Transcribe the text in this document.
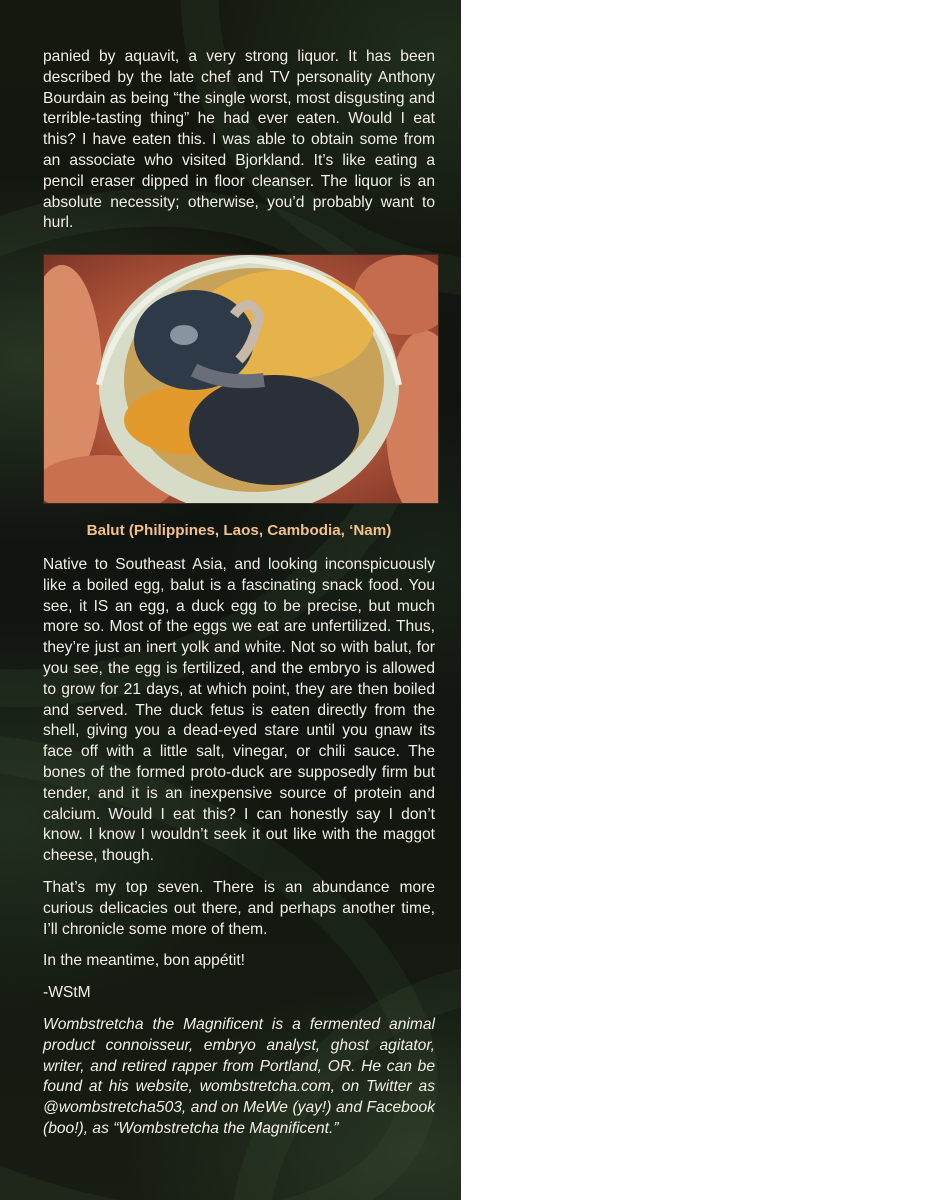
panied by aquavit, a very strong liquor. It has been described by the late chef and TV personality Anthony Bourdain as being “the single worst, most disgusting and terrible-tasting thing” he had ever eaten. Would I eat this? I have eaten this. I was able to obtain some from an associate who visited Bjorkland. It’s like eating a pencil eraser dipped in floor cleanser. The liquor is an absolute necessity; otherwise, you’d probably want to hurl.

Balut (Philippines, Laos, Cambodia, ‘Nam)

Native to Southeast Asia, and looking inconspicuously like a boiled egg, balut is a fascinating snack food. You see, it IS an egg, a duck egg to be precise, but much more so. Most of the eggs we eat are unfertilized. Thus, they’re just an inert yolk and white. Not so with balut, for you see, the egg is fertilized, and the embryo is allowed to grow for 21 days, at which point, they are then boiled and served. The duck fetus is eaten directly from the shell, giving you a dead-eyed stare until you gnaw its face off with a little salt, vinegar, or chili sauce. The bones of the formed proto-duck are supposedly firm but tender, and it is an inexpensive source of protein and calcium. Would I eat this? I can honestly say I don’t know. I know I wouldn’t seek it out like with the maggot cheese, though.

That’s my top seven. There is an abundance more curious delicacies out there, and perhaps another time, I’ll chronicle some more of them.

In the meantime, bon appétit!

-WStM

Wombstretcha the Magnificent is a fermented animal product connoisseur, embryo analyst, ghost agitator, writer, and retired rapper from Portland, OR. He can be found at his website, wombstretcha.com, on Twitter as @wombstretcha503, and on MeWe (yay!) and Facebook (boo!), as “Wombstretcha the Magnificent.”
